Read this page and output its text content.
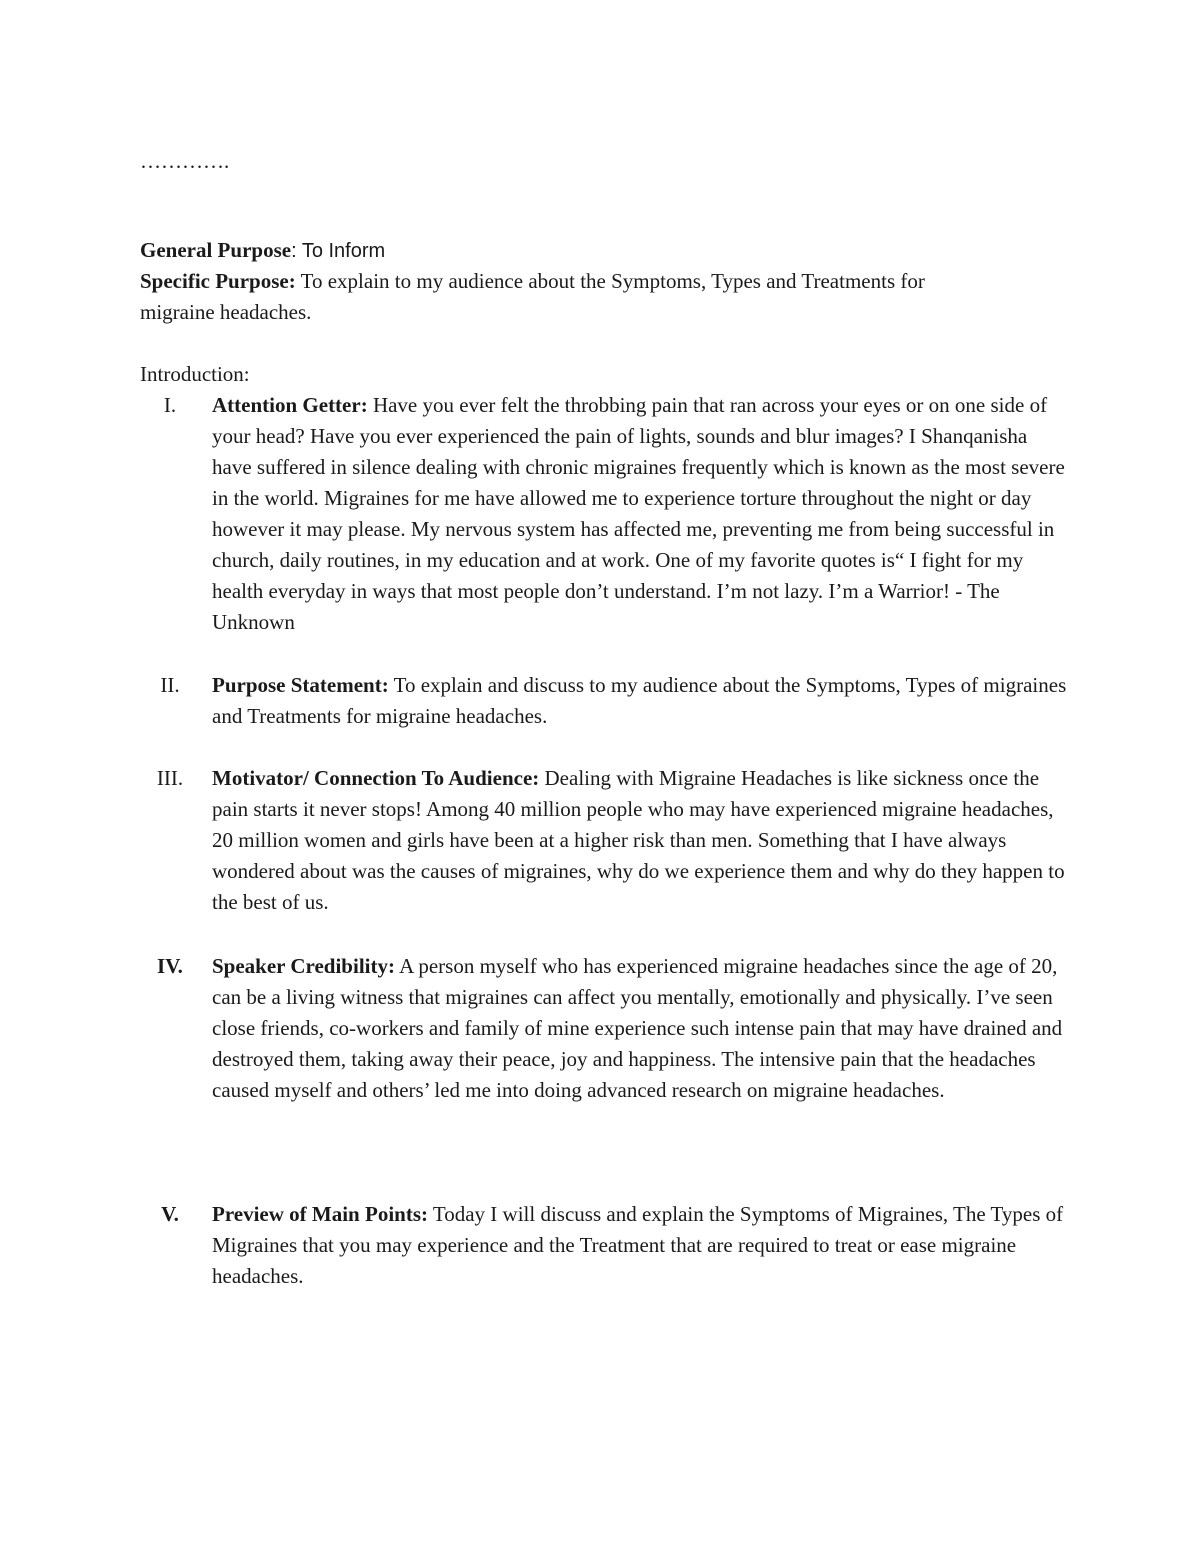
………….
General Purpose: To Inform
Specific Purpose: To explain to my audience about the Symptoms, Types and Treatments for
migraine headaches.
Introduction:
I.	Attention Getter: Have you ever felt the throbbing pain that ran across your eyes or on one side of your head? Have you ever experienced the pain of lights, sounds and blur images? I Shanqanisha have suffered in silence dealing with chronic migraines frequently which is known as the most severe in the world. Migraines for me have allowed me to experience torture throughout the night or day however it may please. My nervous system has affected me, preventing me from being successful in church, daily routines, in my education and at work. One of my favorite quotes is“ I fight for my health everyday in ways that most people don’t understand. I’m not lazy. I’m a Warrior! - The Unknown

II.	Purpose Statement: To explain and discuss to my audience about the Symptoms, Types of migraines and Treatments for migraine headaches.

III.	Motivator/ Connection To Audience: Dealing with Migraine Headaches is like sickness once the pain starts it never stops! Among 40 million people who may have experienced migraine headaches, 20 million women and girls have been at a higher risk than men. Something that I have always wondered about was the causes of migraines, why do we experience them and why do they happen to the best of us.

IV.	Speaker Credibility: A person myself who has experienced migraine headaches since the age of 20, can be a living witness that migraines can affect you mentally, emotionally and physically. I’ve seen close friends, co-workers and family of mine experience such intense pain that may have drained and destroyed them, taking away their peace, joy and happiness. The intensive pain that the headaches caused myself and others’ led me into doing advanced research on migraine headaches.

V.	Preview of Main Points: Today I will discuss and explain the Symptoms of Migraines, The Types of Migraines that you may experience and the Treatment that are required to treat or ease migraine headaches.
